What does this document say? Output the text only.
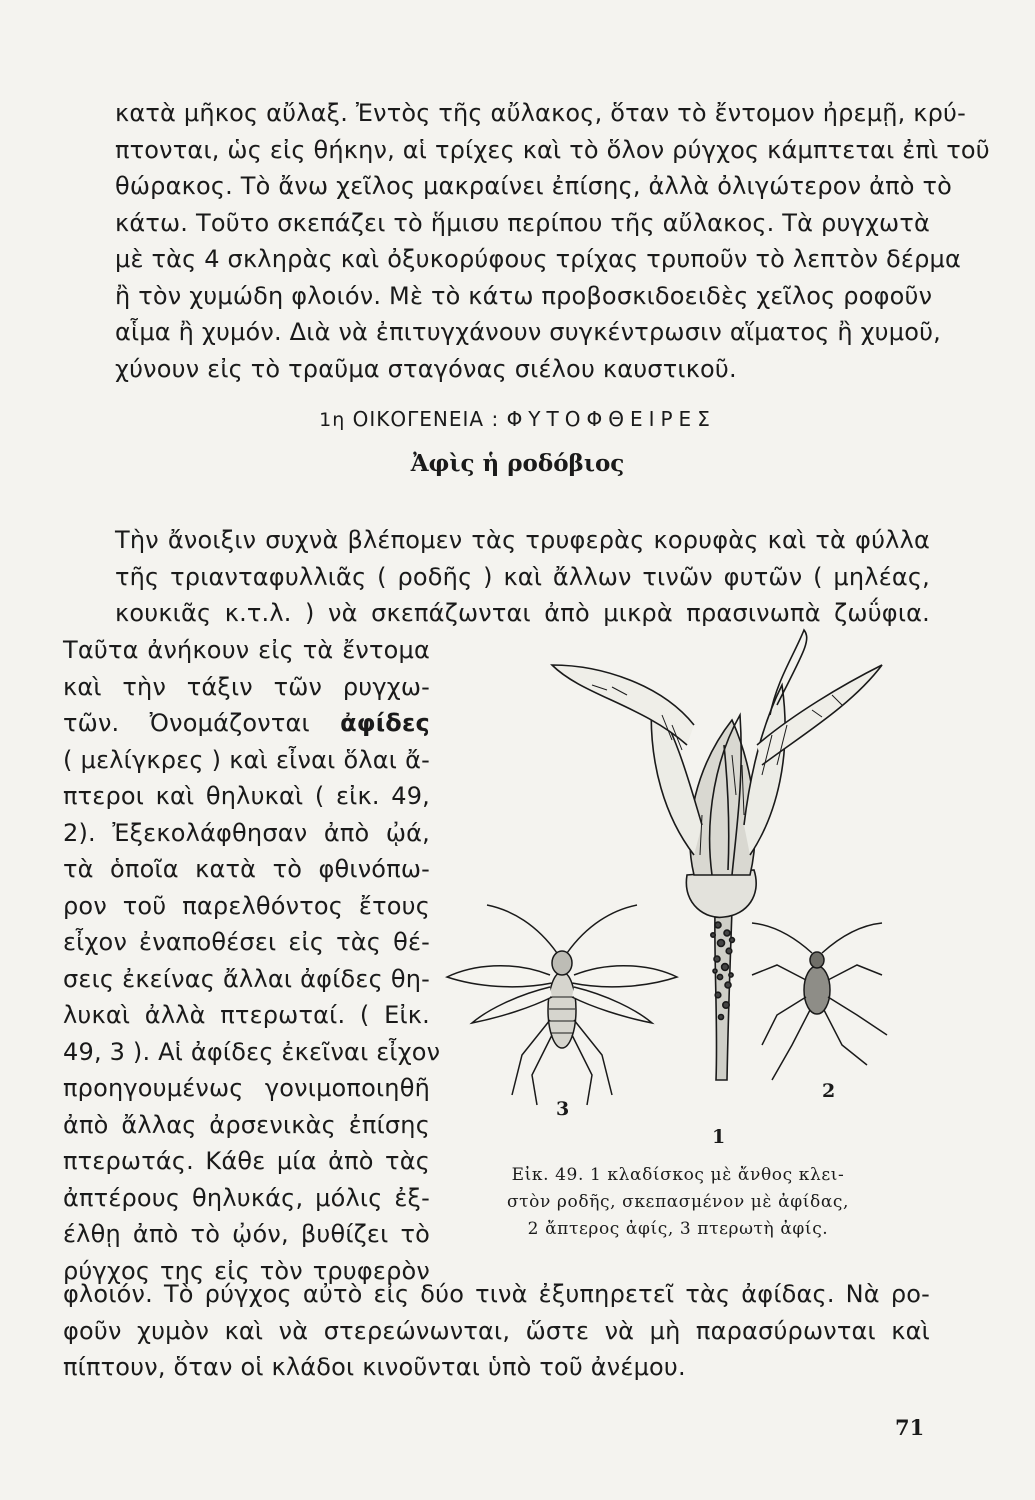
κατὰ μῆκος αὔλαξ. Ἐντὸς τῆς αὔλακος, ὅταν τὸ ἔντομον ἠρεμῇ, κρύ-
πτονται, ὡς εἰς θήκην, αἱ τρίχες καὶ τὸ ὅλον ρύγχος κάμπτεται ἐπὶ τοῦ
θώρακος. Τὸ ἄνω χεῖλος μακραίνει ἐπίσης, ἀλλὰ ὀλιγώτερον ἀπὸ τὸ
κάτω. Τοῦτο σκεπάζει τὸ ἥμισυ περίπου τῆς αὔλακος. Τὰ ρυγχωτὰ
μὲ τὰς 4 σκληρὰς καὶ ὀξυκορύφους τρίχας τρυποῦν τὸ λεπτὸν δέρμα
ἢ τὸν χυμώδη φλοιόν. Μὲ τὸ κάτω προβοσκιδοειδὲς χεῖλος ροφοῦν
αἷμα ἢ χυμόν. Διὰ νὰ ἐπιτυγχάνουν συγκέντρωσιν αἵματος ἢ χυμοῦ,
χύνουν εἰς τὸ τραῦμα σταγόνας σιέλου καυστικοῦ.
1η ΟΙΚΟΓΕΝΕΙΑ : ΦΥΤΟΦΘΕΙΡΕΣ
Ἀφὶς ἡ ροδόβιος
Τὴν ἄνοιξιν συχνὰ βλέπομεν τὰς τρυφερὰς κορυφὰς καὶ τὰ φύλλα
τῆς τριανταφυλλιᾶς ( ροδῆς ) καὶ ἄλλων τινῶν φυτῶν ( μηλέας,
κουκιᾶς κ.τ.λ. ) νὰ σκεπάζωνται ἀπὸ μικρὰ πρασινωπὰ ζωΰφια.
Ταῦτα ἀνήκουν εἰς τὰ ἔντομα
καὶ τὴν τάξιν τῶν ρυγχω-
τῶν. Ὀνομάζονται ἀφίδες
( μελίγκρες ) καὶ εἶναι ὅλαι ἄ-
πτεροι καὶ θηλυκαὶ ( εἰκ. 49,
2). Ἐξεκολάφθησαν ἀπὸ ᾠά,
τὰ ὁποῖα κατὰ τὸ φθινόπω-
ρον τοῦ παρελθόντος ἔτους
εἶχον ἐναποθέσει εἰς τὰς θέ-
σεις ἐκείνας ἄλλαι ἀφίδες θη-
λυκαὶ ἀλλὰ πτερωταί. ( Εἰκ.
49, 3 ). Αἱ ἀφίδες ἐκεῖναι εἶχον
προηγουμένως γονιμοποιηθῆ
ἀπὸ ἄλλας ἀρσενικὰς ἐπίσης
πτερωτάς. Κάθε μία ἀπὸ τὰς
ἀπτέρους θηλυκάς, μόλις ἐξ-
έλθῃ ἀπὸ τὸ ᾠόν, βυθίζει τὸ
ρύγχος της εἰς τὸν τρυφερὸν
1
2
3
Εἰκ. 49. 1 κλαδίσκος μὲ ἄνθος κλει-
στὸν ροδῆς, σκεπασμένον μὲ ἀφίδας,
2 ἄπτερος ἀφίς, 3 πτερωτὴ ἀφίς.
φλοιόν. Τὸ ρύγχος αὐτὸ εἰς δύο τινὰ ἐξυπηρετεῖ τὰς ἀφίδας. Νὰ ρο-
φοῦν χυμὸν καὶ νὰ στερεώνωνται, ὥστε νὰ μὴ παρασύρωνται καὶ
πίπτουν, ὅταν οἱ κλάδοι κινοῦνται ὑπὸ τοῦ ἀνέμου.
71
